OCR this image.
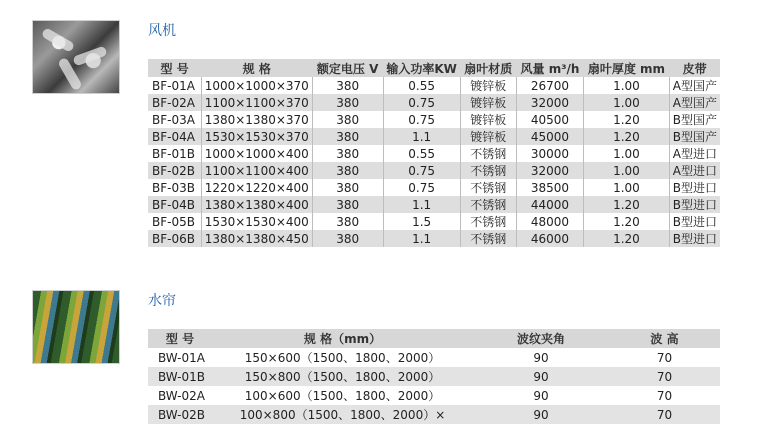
风机
型 号	规 格	额定电压 V	输入功率KW	扇叶材质	风量 m³/h	扇叶厚度 mm	皮带
BF-01A	1000×1000×370	380	0.55	镀锌板	26700	1.00	A型国产
BF-02A	1100×1100×370	380	0.75	镀锌板	32000	1.00	A型国产
BF-03A	1380×1380×370	380	0.75	镀锌板	40500	1.20	B型国产
BF-04A	1530×1530×370	380	1.1	镀锌板	45000	1.20	B型国产
BF-01B	1000×1000×400	380	0.55	不锈钢	30000	1.00	A型进口
BF-02B	1100×1100×400	380	0.75	不锈钢	32000	1.00	A型进口
BF-03B	1220×1220×400	380	0.75	不锈钢	38500	1.00	B型进口
BF-04B	1380×1380×400	380	1.1	不锈钢	44000	1.20	B型进口
BF-05B	1530×1530×400	380	1.5	不锈钢	48000	1.20	B型进口
BF-06B	1380×1380×450	380	1.1	不锈钢	46000	1.20	B型进口
水帘
型 号	规 格（mm）	波纹夹角	波 高
BW-01A	150×600（1500、1800、2000）	90	70
BW-01B	150×800（1500、1800、2000）	90	70
BW-02A	100×600（1500、1800、2000）	90	70
BW-02B	100×800（1500、1800、2000）×	90	70
